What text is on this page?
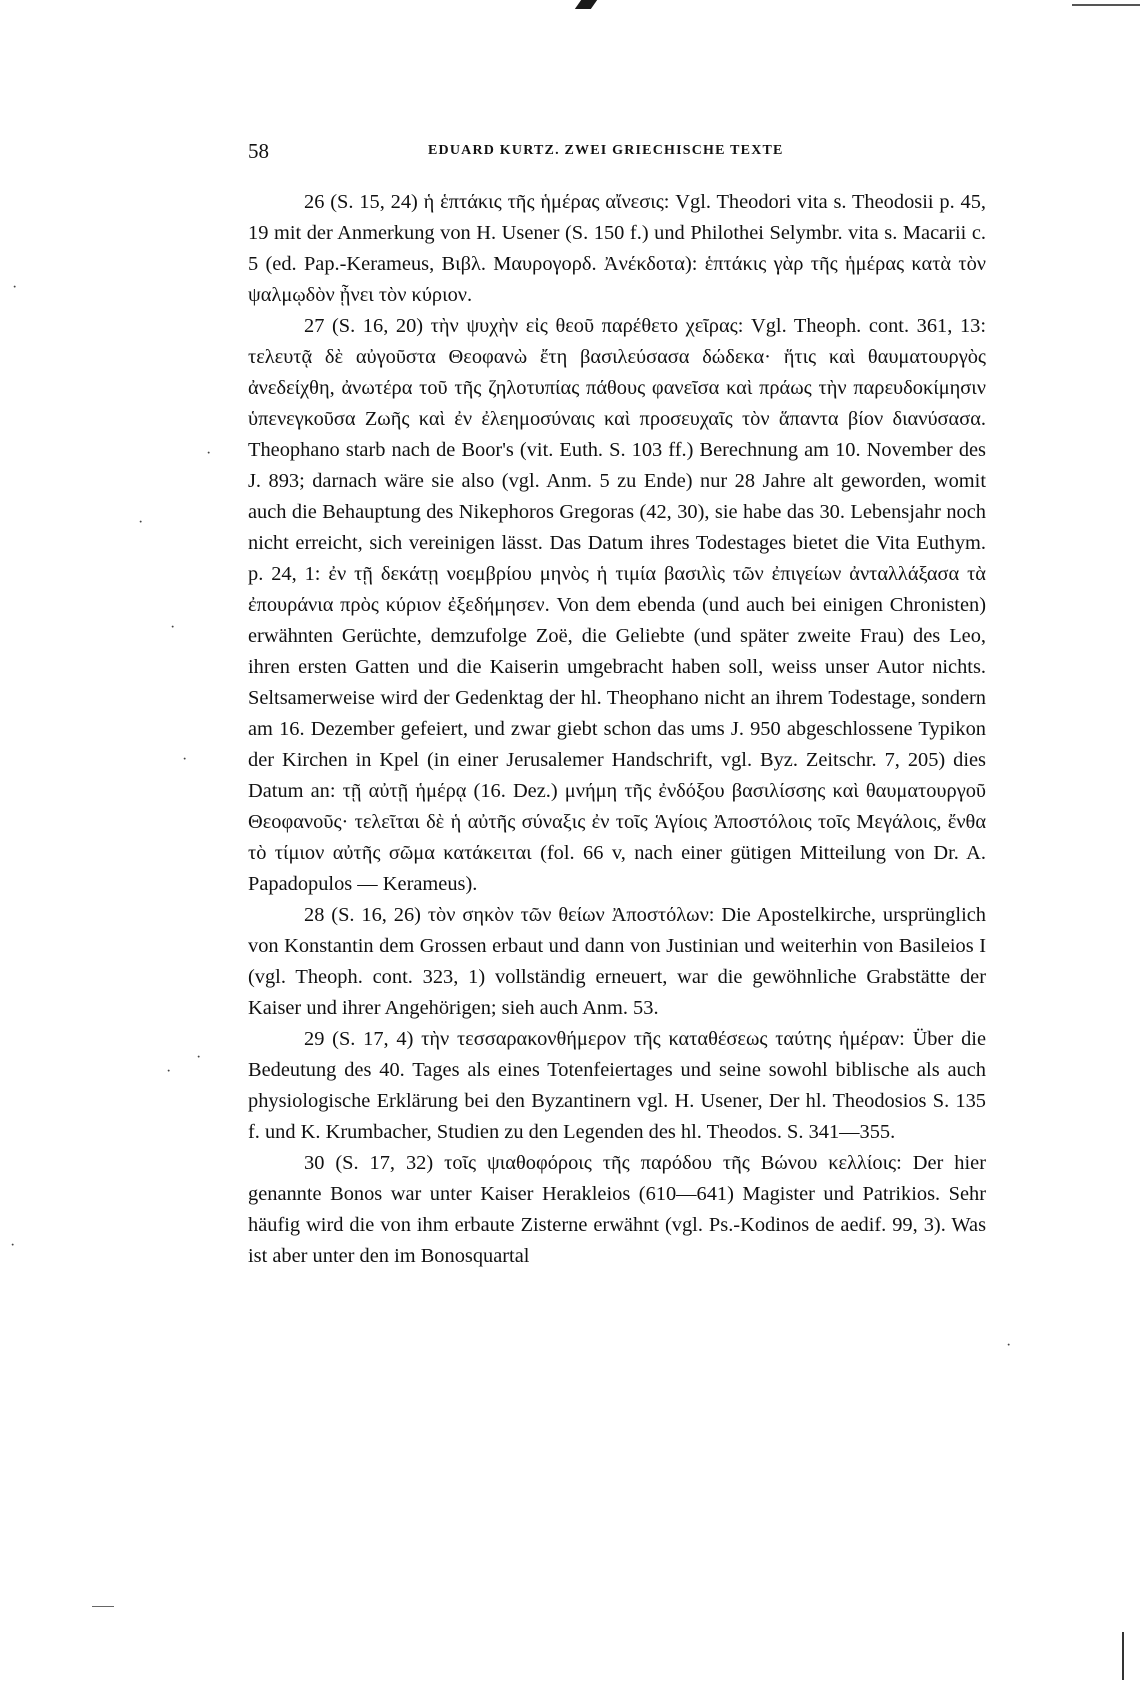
58	EDUARD KURTZ. ZWEI GRIECHISCHE TEXTE

26 (S. 15, 24) ἡ ἑπτάκις τῆς ἡμέρας αἴνεσις: Vgl. Theodori vita s. Theodosii p. 45, 19 mit der Anmerkung von H. Usener (S. 150 f.) und Philothei Selymbr. vita s. Macarii c. 5 (ed. Pap.-Kerameus, Βιβλ. Μαυρογορδ. Ἀνέκδοτα): ἑπτάκις γὰρ τῆς ἡμέρας κατὰ τὸν ψαλμῳδὸν ᾖνει τὸν κύριον.

27 (S. 16, 20) τὴν ψυχὴν εἰς θεοῦ παρέθετο χεῖρας: Vgl. Theoph. cont. 361, 13: τελευτᾷ δὲ αὐγοῦστα Θεοφανὼ ἔτη βασιλεύσασα δώδεκα· ἥτις καὶ θαυματουργὸς ἀνεδείχθη, ἀνωτέρα τοῦ τῆς ζηλοτυπίας πάθους φανεῖσα καὶ πράως τὴν παρευδοκίμησιν ὑπενεγκοῦσα Ζωῆς καὶ ἐν ἐλεημοσύναις καὶ προσευχαῖς τὸν ἅπαντα βίον διανύσασα. Theophano starb nach de Boor's (vit. Euth. S. 103 ff.) Berechnung am 10. November des J. 893; darnach wäre sie also (vgl. Anm. 5 zu Ende) nur 28 Jahre alt geworden, womit auch die Behauptung des Nikephoros Gregoras (42, 30), sie habe das 30. Lebensjahr noch nicht erreicht, sich vereinigen lässt. Das Datum ihres Todestages bietet die Vita Euthym. p. 24, 1: ἐν τῇ δεκάτῃ νοεμβρίου μηνὸς ἡ τιμία βασιλὶς τῶν ἐπιγείων ἀνταλλάξασα τὰ ἐπουράνια πρὸς κύριον ἐξεδήμησεν. Von dem ebenda (und auch bei einigen Chronisten) erwähnten Gerüchte, demzufolge Zoë, die Geliebte (und später zweite Frau) des Leo, ihren ersten Gatten und die Kaiserin umgebracht haben soll, weiss unser Autor nichts. Seltsamerweise wird der Gedenktag der hl. Theophano nicht an ihrem Todestage, sondern am 16. Dezember gefeiert, und zwar giebt schon das ums J. 950 abgeschlossene Typikon der Kirchen in Kpel (in einer Jerusalemer Handschrift, vgl. Byz. Zeitschr. 7, 205) dies Datum an: τῇ αὐτῇ ἡμέρᾳ (16. Dez.) μνήμη τῆς ἐνδόξου βασιλίσσης καὶ θαυματουργοῦ Θεοφανοῦς· τελεῖται δὲ ἡ αὐτῆς σύναξις ἐν τοῖς Ἁγίοις Ἀποστόλοις τοῖς Μεγάλοις, ἔνθα τὸ τίμιον αὐτῆς σῶμα κατάκειται (fol. 66 v, nach einer gütigen Mitteilung von Dr. A. Papadopulos — Kerameus).

28 (S. 16, 26) τὸν σηκὸν τῶν θείων Ἀποστόλων: Die Apostelkirche, ursprünglich von Konstantin dem Grossen erbaut und dann von Justinian und weiterhin von Basileios I (vgl. Theoph. cont. 323, 1) vollständig erneuert, war die gewöhnliche Grabstätte der Kaiser und ihrer Angehörigen; sieh auch Anm. 53.

29 (S. 17, 4) τὴν τεσσαρακονθήμερον τῆς καταθέσεως ταύτης ἡμέραν: Über die Bedeutung des 40. Tages als eines Totenfeiertages und seine sowohl biblische als auch physiologische Erklärung bei den Byzantinern vgl. H. Usener, Der hl. Theodosios S. 135 f. und K. Krumbacher, Studien zu den Legenden des hl. Theodos. S. 341—355.

30 (S. 17, 32) τοῖς ψιαθοφόροις τῆς παρόδου τῆς Βώνου κελλίοις: Der hier genannte Bonos war unter Kaiser Herakleios (610—641) Magister und Patrikios. Sehr häufig wird die von ihm erbaute Zisterne erwähnt (vgl. Ps.-Kodinos de aedif. 99, 3). Was ist aber unter den im Bonosquartal

·
·
·
·
·
·
·
·
·
